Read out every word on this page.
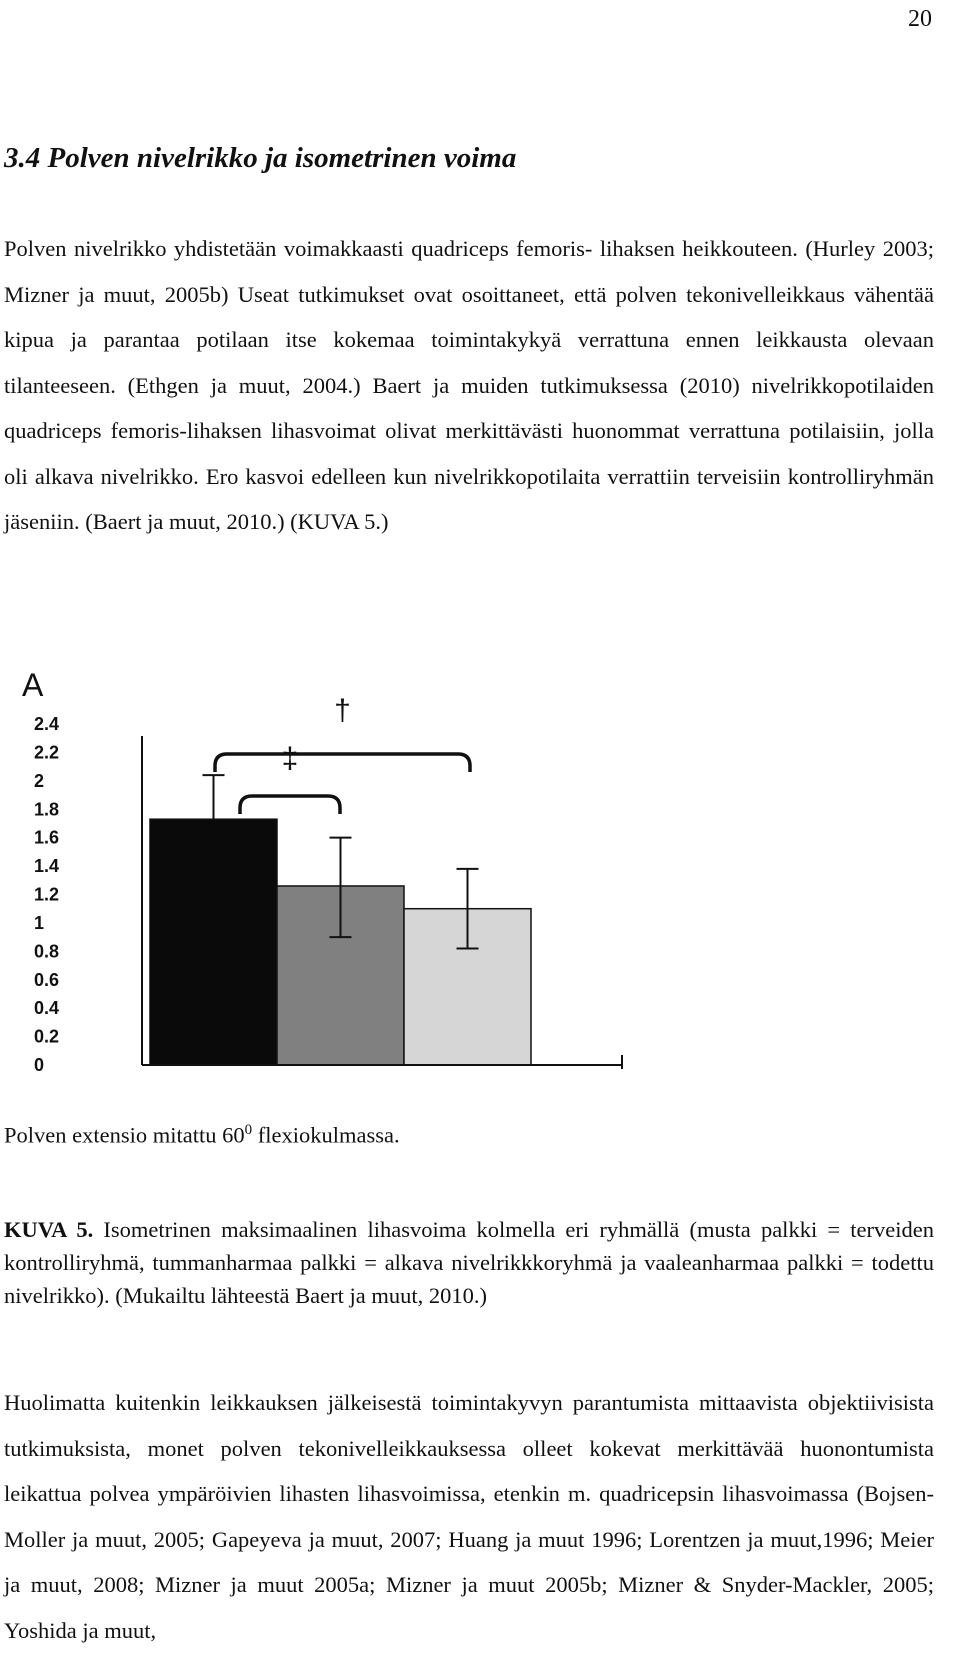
20
3.4 Polven nivelrikko ja isometrinen voima

Polven nivelrikko yhdistetään voimakkaasti quadriceps femoris- lihaksen heikkouteen. (Hurley 2003; Mizner ja muut, 2005b) Useat tutkimukset ovat osoittaneet, että polven tekonivelleikkaus vähentää kipua ja parantaa potilaan itse kokemaa toimintakykyä verrattuna ennen leikkausta olevaan tilanteeseen. (Ethgen ja muut, 2004.) Baert ja muiden tutkimuksessa (2010) nivelrikkopotilaiden quadriceps femoris-lihaksen lihasvoimat olivat merkittävästi huonommat verrattuna potilaisiin, jolla oli alkava nivelrikko. Ero kasvoi edelleen kun nivelrikkopotilaita verrattiin terveisiin kontrolliryhmän jäseniin. (Baert ja muut, 2010.) (KUVA 5.)

A
2.4
2.2
2
1.8
1.6
1.4
1.2
1
0.8
0.6
0.4
0.2
0
†
‡

Polven extensio mitattu $60^0$ flexiokulmassa.

KUVA 5. Isometrinen maksimaalinen lihasvoima kolmella eri ryhmällä (musta palkki = terveiden kontrolliryhmä, tummanharmaa palkki = alkava nivelrikkkoryhmä ja vaaleanharmaa palkki = todettu nivelrikko). (Mukailtu lähteestä Baert ja muut, 2010.)

Huolimatta kuitenkin leikkauksen jälkeisestä toimintakyvyn parantumista mittaavista objektiivisista tutkimuksista, monet polven tekonivelleikkauksessa olleet kokevat merkittävää huonontumista leikattua polvea ympäröivien lihasten lihasvoimissa, etenkin m. quadricepsin lihasvoimassa (Bojsen-Moller ja muut, 2005; Gapeyeva ja muut, 2007; Huang ja muut 1996; Lorentzen ja muut,1996; Meier ja muut, 2008; Mizner ja muut 2005a; Mizner ja muut 2005b; Mizner & Snyder-Mackler, 2005; Yoshida ja muut,
